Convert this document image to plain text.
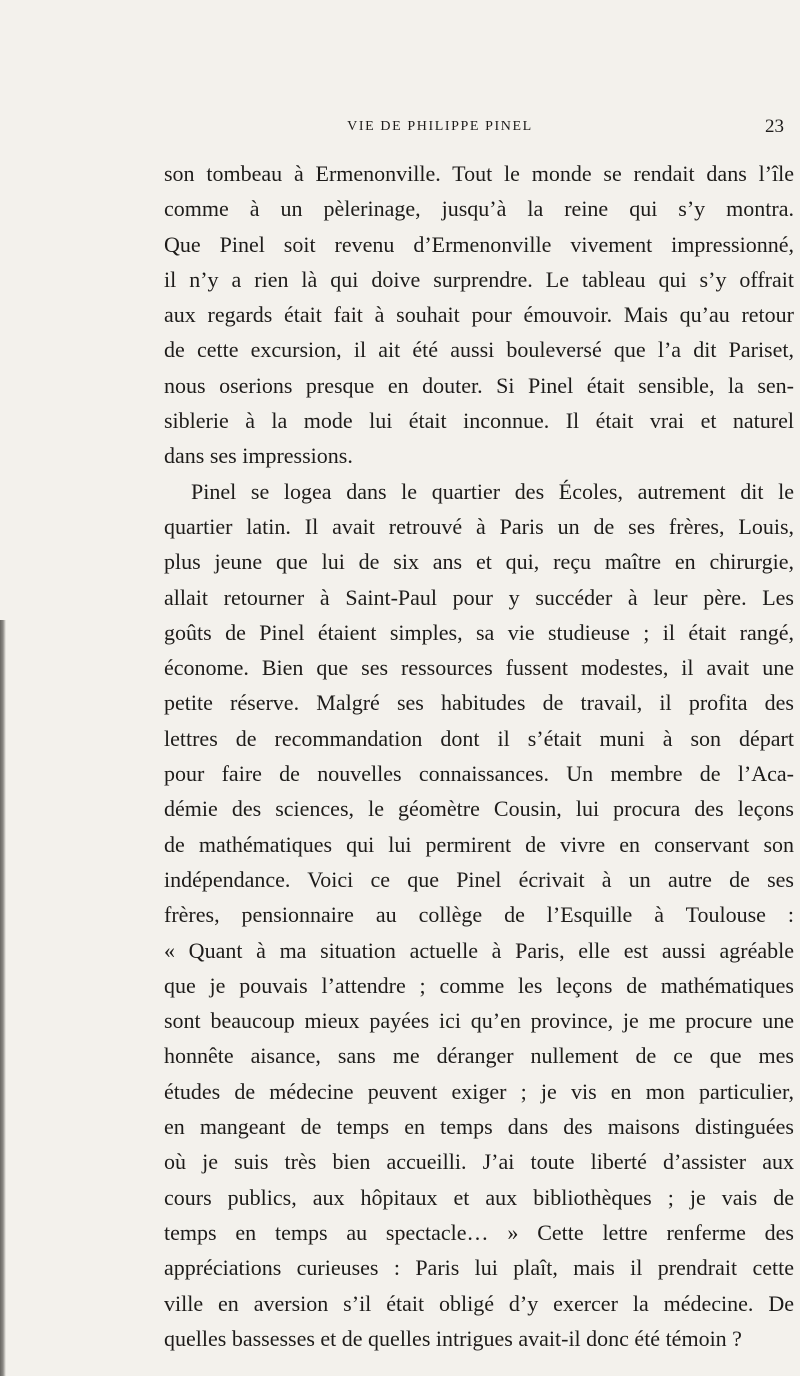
VIE DE PHILIPPE PINEL	23
son tombeau à Ermenonville. Tout le monde se rendait dans l’île
comme à un pèlerinage, jusqu’à la reine qui s’y montra.
Que Pinel soit revenu d’Ermenonville vivement impressionné,
il n’y a rien là qui doive surprendre. Le tableau qui s’y offrait
aux regards était fait à souhait pour émouvoir. Mais qu’au retour
de cette excursion, il ait été aussi bouleversé que l’a dit Pariset,
nous oserions presque en douter. Si Pinel était sensible, la sen-
siblerie à la mode lui était inconnue. Il était vrai et naturel
dans ses impressions.
Pinel se logea dans le quartier des Écoles, autrement dit le
quartier latin. Il avait retrouvé à Paris un de ses frères, Louis,
plus jeune que lui de six ans et qui, reçu maître en chirurgie,
allait retourner à Saint-Paul pour y succéder à leur père. Les
goûts de Pinel étaient simples, sa vie studieuse ; il était rangé,
économe. Bien que ses ressources fussent modestes, il avait une
petite réserve. Malgré ses habitudes de travail, il profita des
lettres de recommandation dont il s’était muni à son départ
pour faire de nouvelles connaissances. Un membre de l’Aca-
démie des sciences, le géomètre Cousin, lui procura des leçons
de mathématiques qui lui permirent de vivre en conservant son
indépendance. Voici ce que Pinel écrivait à un autre de ses
frères, pensionnaire au collège de l’Esquille à Toulouse :
« Quant à ma situation actuelle à Paris, elle est aussi agréable
que je pouvais l’attendre ; comme les leçons de mathématiques
sont beaucoup mieux payées ici qu’en province, je me procure une
honnête aisance, sans me déranger nullement de ce que mes
études de médecine peuvent exiger ; je vis en mon particulier,
en mangeant de temps en temps dans des maisons distinguées
où je suis très bien accueilli. J’ai toute liberté d’assister aux
cours publics, aux hôpitaux et aux bibliothèques ; je vais de
temps en temps au spectacle… » Cette lettre renferme des
appréciations curieuses : Paris lui plaît, mais il prendrait cette
ville en aversion s’il était obligé d’y exercer la médecine. De
quelles bassesses et de quelles intrigues avait-il donc été témoin ?
